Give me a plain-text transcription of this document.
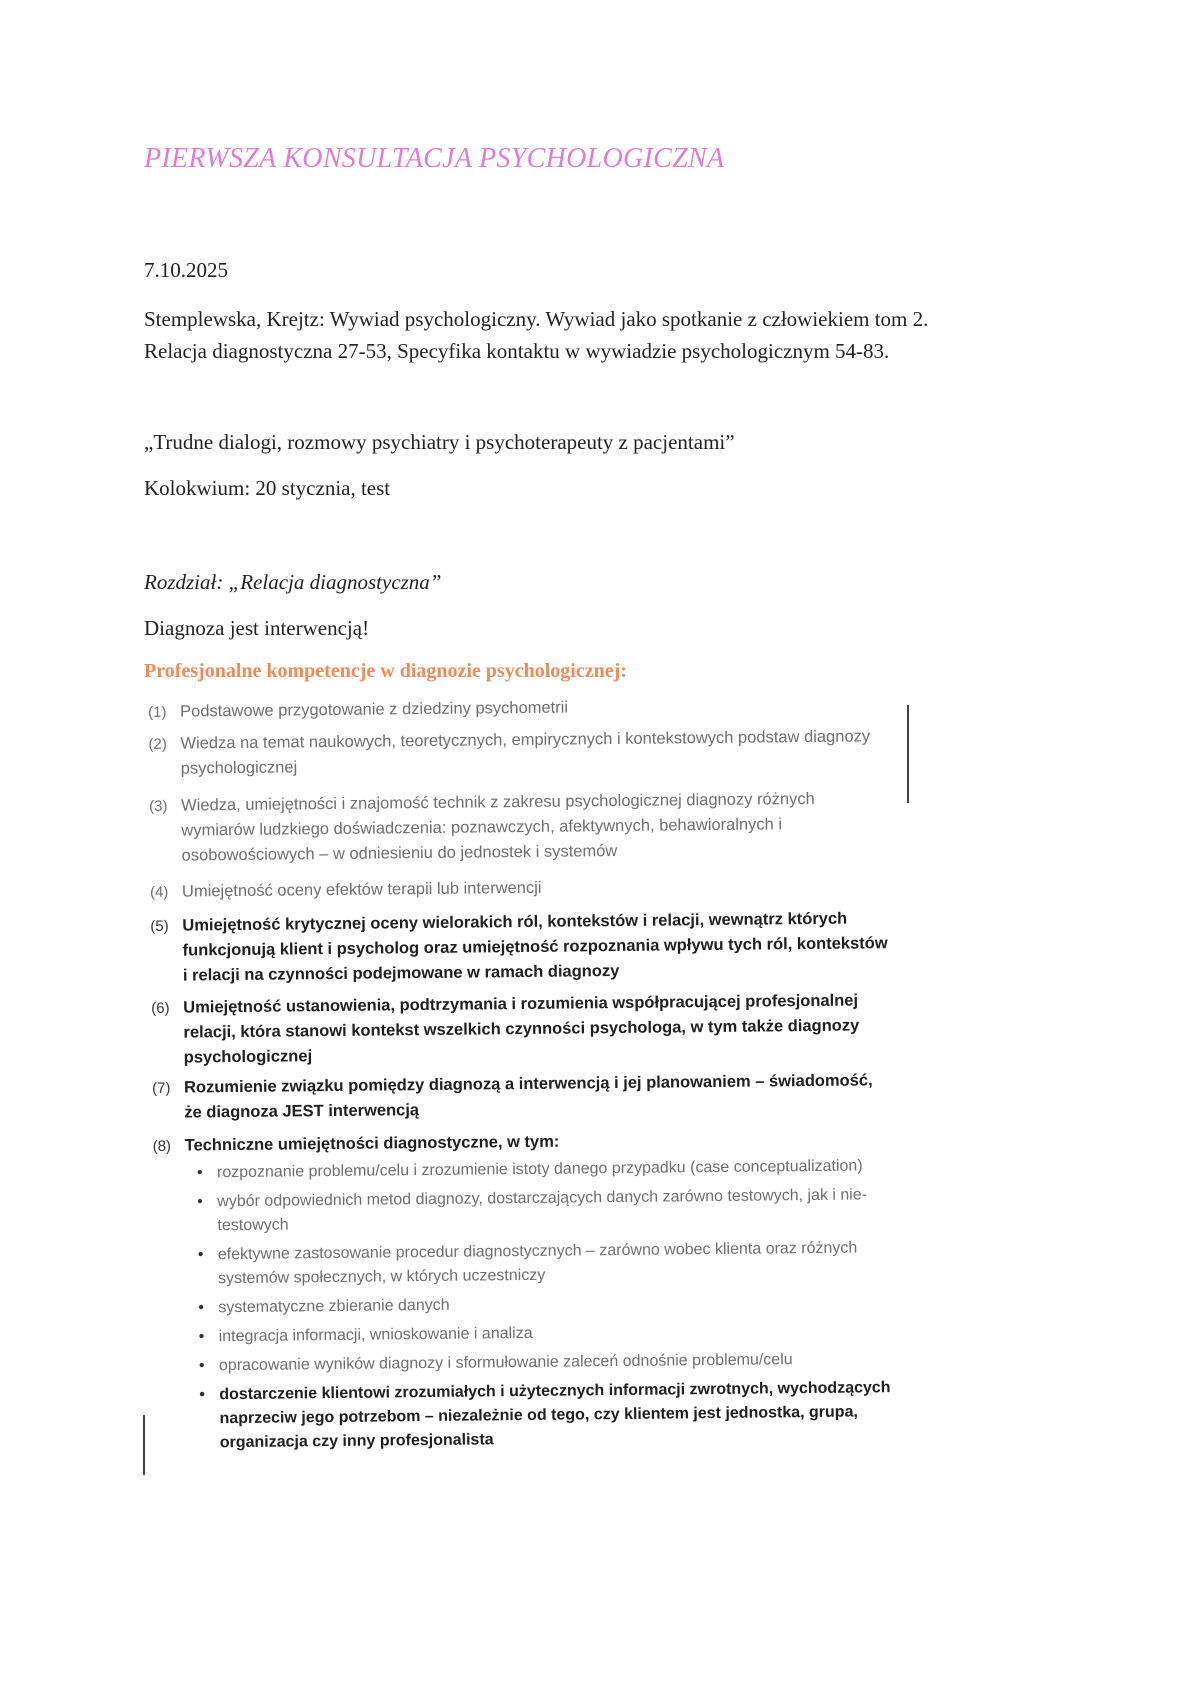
PIERWSZA KONSULTACJA PSYCHOLOGICZNA

7.10.2025

Stemplewska, Krejtz: Wywiad psychologiczny. Wywiad jako spotkanie z człowiekiem tom 2.

Relacja diagnostyczna 27-53, Specyfika kontaktu w wywiadzie psychologicznym 54-83.

„Trudne dialogi, rozmowy psychiatry i psychoterapeuty z pacjentami”

Kolokwium: 20 stycznia, test

Rozdział: „Relacja diagnostyczna”

Diagnoza jest interwencją!

Profesjonalne kompetencje w diagnozie psychologicznej:
(1) Podstawowe przygotowanie z dziedziny psychometrii
(2) Wiedza na temat naukowych, teoretycznych, empirycznych i kontekstowych podstaw diagnozy psychologicznej
(3) Wiedza, umiejętności i znajomość technik z zakresu psychologicznej diagnozy różnych wymiarów ludzkiego doświadczenia: poznawczych, afektywnych, behawioralnych i osobowościowych – w odniesieniu do jednostek i systemów
(4) Umiejętność oceny efektów terapii lub interwencji
(5) Umiejętność krytycznej oceny wielorakich ról, kontekstów i relacji, wewnątrz których funkcjonują klient i psycholog oraz umiejętność rozpoznania wpływu tych ról, kontekstów i relacji na czynności podejmowane w ramach diagnozy
(6) Umiejętność ustanowienia, podtrzymania i rozumienia współpracującej profesjonalnej relacji, która stanowi kontekst wszelkich czynności psychologa, w tym także diagnozy psychologicznej
(7) Rozumienie związku pomiędzy diagnozą a interwencją i jej planowaniem – świadomość, że diagnoza JEST interwencją
(8) Techniczne umiejętności diagnostyczne, w tym:
• rozpoznanie problemu/celu i zrozumienie istoty danego przypadku (case conceptualization)
• wybór odpowiednich metod diagnozy, dostarczających danych zarówno testowych, jak i nie-testowych
• efektywne zastosowanie procedur diagnostycznych – zarówno wobec klienta oraz różnych systemów społecznych, w których uczestniczy
• systematyczne zbieranie danych
• integracja informacji, wnioskowanie i analiza
• opracowanie wyników diagnozy i sformułowanie zaleceń odnośnie problemu/celu
• dostarczenie klientowi zrozumiałych i użytecznych informacji zwrotnych, wychodzących naprzeciw jego potrzebom – niezależnie od tego, czy klientem jest jednostka, grupa, organizacja czy inny profesjonalista
